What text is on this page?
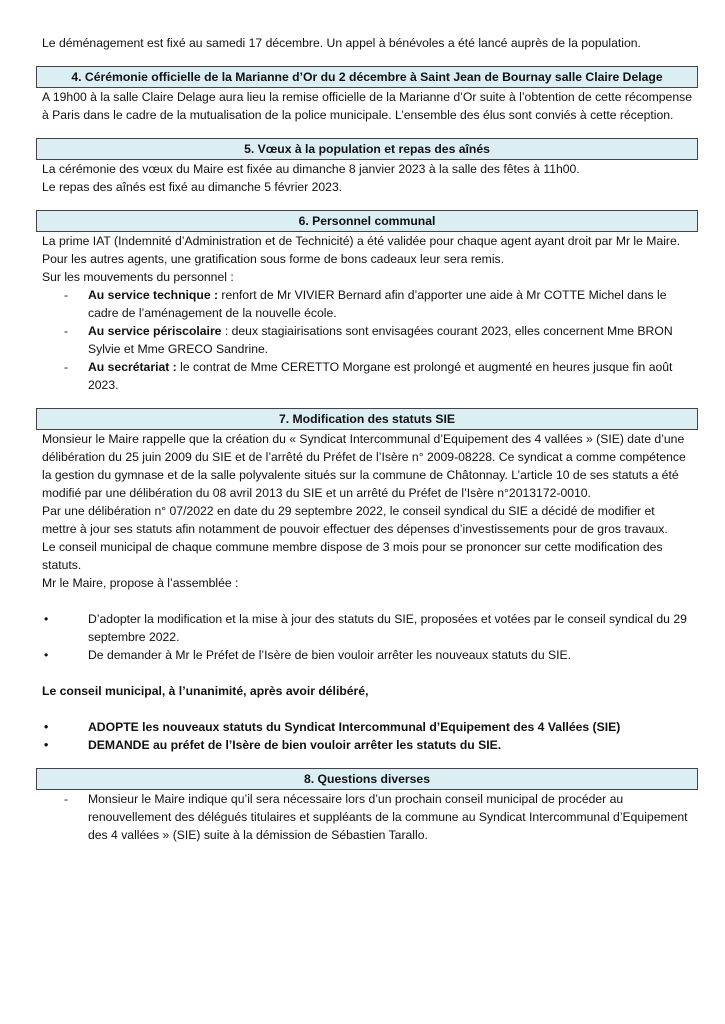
Le déménagement est fixé au samedi 17 décembre. Un appel à bénévoles a été lancé auprès de la population.

4. Cérémonie officielle de la Marianne d’Or du 2 décembre à Saint Jean de Bournay salle Claire Delage

A 19h00 à la salle Claire Delage aura lieu la remise officielle de la Marianne d’Or suite à l’obtention de cette récompense à Paris dans le cadre de la mutualisation de la police municipale. L’ensemble des élus sont conviés à cette réception.

5. Vœux à la population et repas des aînés

La cérémonie des vœux du Maire est fixée au dimanche 8 janvier 2023 à la salle des fêtes à 11h00.

Le repas des aînés est fixé au dimanche 5 février 2023.

6. Personnel communal

La prime IAT (Indemnité d’Administration et de Technicité) a été validée pour chaque agent ayant droit par Mr le Maire. Pour les autres agents, une gratification sous forme de bons cadeaux leur sera remis.

Sur les mouvements du personnel :

- Au service technique : renfort de Mr VIVIER Bernard afin d’apporter une aide à Mr COTTE Michel dans le cadre de l’aménagement de la nouvelle école.
- Au service périscolaire : deux stagiairisations sont envisagées courant 2023, elles concernent Mme BRON Sylvie et Mme GRECO Sandrine.
- Au secrétariat : le contrat de Mme CERETTO Morgane est prolongé et augmenté en heures jusque fin août 2023.
7. Modification des statuts SIE

Monsieur le Maire rappelle que la création du « Syndicat Intercommunal d’Equipement des 4 vallées » (SIE) date d’une délibération du 25 juin 2009 du SIE et de l’arrêté du Préfet de l’Isère n° 2009-08228. Ce syndicat a comme compétence la gestion du gymnase et de la salle polyvalente situés sur la commune de Châtonnay. L’article 10 de ses statuts a été modifié par une délibération du 08 avril 2013 du SIE et un arrêté du Préfet de l’Isère n°2013172-0010.

Par une délibération n° 07/2022 en date du 29 septembre 2022, le conseil syndical du SIE a décidé de modifier et mettre à jour ses statuts afin notamment de pouvoir effectuer des dépenses d’investissements pour de gros travaux.

Le conseil municipal de chaque commune membre dispose de 3 mois pour se prononcer sur cette modification des statuts.

Mr le Maire, propose à l’assemblée :

•	D’adopter la modification et la mise à jour des statuts du SIE, proposées et votées par le conseil syndical du 29 septembre 2022.
•	De demander à Mr le Préfet de l’Isère de bien vouloir arrêter les nouveaux statuts du SIE.

Le conseil municipal, à l’unanimité, après avoir délibéré,

•	ADOPTE les nouveaux statuts du Syndicat Intercommunal d’Equipement des 4 Vallées (SIE)
•	DEMANDE au préfet de l’Isère de bien vouloir arrêter les statuts du SIE.
8. Questions diverses
- Monsieur le Maire indique qu’il sera nécessaire lors d’un prochain conseil municipal de procéder au renouvellement des délégués titulaires et suppléants de la commune au Syndicat Intercommunal d’Equipement des 4 vallées » (SIE) suite à la démission de Sébastien Tarallo.
